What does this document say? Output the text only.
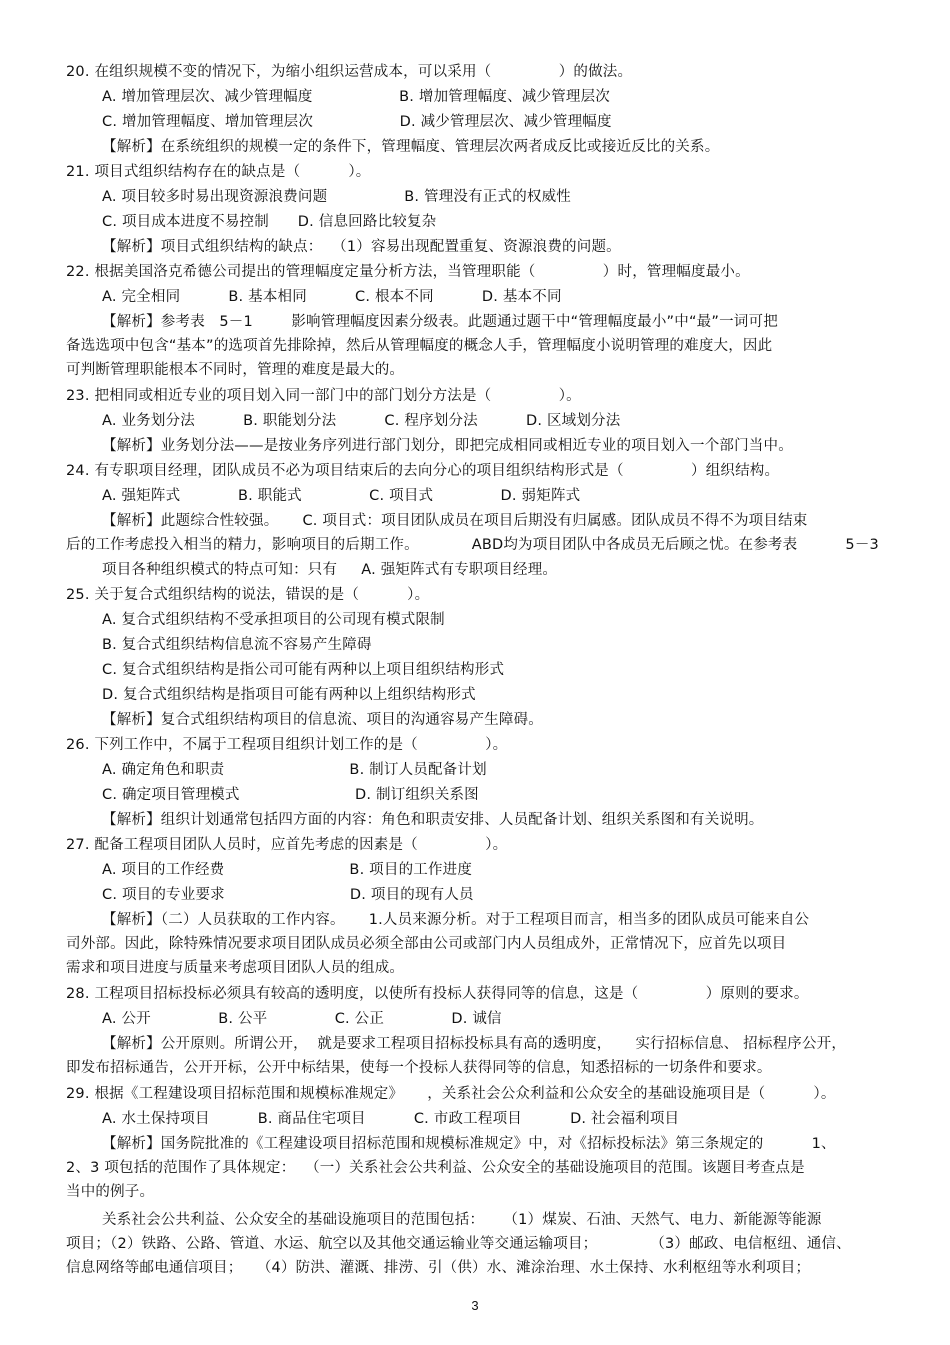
20. 在组织规模不变的情况下，为缩小组织运营成本，可以采用（              ）的做法。
A. 增加管理层次、减少管理幅度                  B. 增加管理幅度、减少管理层次
C. 增加管理幅度、增加管理层次                  D. 减少管理层次、减少管理幅度
【解析】在系统组织的规模一定的条件下，管理幅度、管理层次两者成反比或接近反比的关系。
21. 项目式组织结构存在的缺点是（          ）。
A. 项目较多时易出现资源浪费问题                B. 管理没有正式的权威性
C. 项目成本进度不易控制      D. 信息回路比较复杂
【解析】项目式组织结构的缺点：  （1）容易出现配置重复、资源浪费的问题。
22. 根据美国洛克希德公司提出的管理幅度定量分析方法，当管理职能（              ）时，管理幅度最小。
A. 完全相同          B. 基本相同          C. 根本不同          D. 基本不同
【解析】参考表   5－1        影响管理幅度因素分级表。此题通过题干中“管理幅度最小”中“最”一词可把
备选选项中包含“基本”的选项首先排除掉，然后从管理幅度的概念人手，管理幅度小说明管理的难度大，因此
可判断管理职能根本不同时，管理的难度是最大的。
23. 把相同或相近专业的项目划入同一部门中的部门划分方法是（              ）。
A. 业务划分法          B. 职能划分法          C. 程序划分法          D. 区域划分法
【解析】业务划分法——是按业务序列进行部门划分，即把完成相同或相近专业的项目划入一个部门当中。
24. 有专职项目经理，团队成员不必为项目结束后的去向分心的项目组织结构形式是（              ）组织结构。
A. 强矩阵式            B. 职能式              C. 项目式              D. 弱矩阵式
【解析】此题综合性较强。     C. 项目式：项目团队成员在项目后期没有归属感。团队成员不得不为项目结束
后的工作考虑投入相当的精力，影响项目的后期工作。           ABD均为项目团队中各成员无后顾之忧。在参考表          5－3
项目各种组织模式的特点可知：只有     A. 强矩阵式有专职项目经理。
25. 关于复合式组织结构的说法，错误的是（          ）。
A. 复合式组织结构不受承担项目的公司现有模式限制
B. 复合式组织结构信息流不容易产生障碍
C. 复合式组织结构是指公司可能有两种以上项目组织结构形式
D. 复合式组织结构是指项目可能有两种以上组织结构形式
【解析】复合式组织结构项目的信息流、项目的沟通容易产生障碍。
26. 下列工作中，不属于工程项目组织计划工作的是（              ）。
A. 确定角色和职责                          B. 制订人员配备计划
C. 确定项目管理模式                        D. 制订组织关系图
【解析】组织计划通常包括四方面的内容：角色和职责安排、人员配备计划、组织关系图和有关说明。
27. 配备工程项目团队人员时，应首先考虑的因素是（              ）。
A. 项目的工作经费                          B. 项目的工作进度
C. 项目的专业要求                          D. 项目的现有人员
【解析】（二）人员获取的工作内容。     1.人员来源分析。对于工程项目而言，相当多的团队成员可能来自公
司外部。因此，除特殊情况要求项目团队成员必须全部由公司或部门内人员组成外，正常情况下，应首先以项目
需求和项目进度与质量来考虑项目团队人员的组成。
28. 工程项目招标投标必须具有较高的透明度，以使所有投标人获得同等的信息，这是（              ）原则的要求。
A. 公开              B. 公平              C. 公正              D. 诚信
【解析】公开原则。所谓公开，  就是要求工程项目招标投标具有高的透明度，     实行招标信息、 招标程序公开，
即发布招标通告，公开开标，公开中标结果，使每一个投标人获得同等的信息，知悉招标的一切条件和要求。
29. 根据《工程建设项目招标范围和规模标准规定》     ，关系社会公众利益和公众安全的基础设施项目是（          ）。
A. 水土保持项目          B. 商品住宅项目          C. 市政工程项目          D. 社会福利项目
【解析】国务院批准的《工程建设项目招标范围和规模标准规定》中，对《招标投标法》第三条规定的          1、
2、3 项包括的范围作了具体规定：  （一）关系社会公共利益、公众安全的基础设施项目的范围。该题目考查点是
当中的例子。
关系社会公共利益、公众安全的基础设施项目的范围包括：    （1）煤炭、石油、天然气、电力、新能源等能源
项目；（2）铁路、公路、管道、水运、航空以及其他交通运输业等交通运输项目；           （3）邮政、电信枢纽、通信、
信息网络等邮电通信项目；   （4）防洪、灌溉、排涝、引（供）水、滩涂治理、水土保持、水利枢纽等水利项目；
3
